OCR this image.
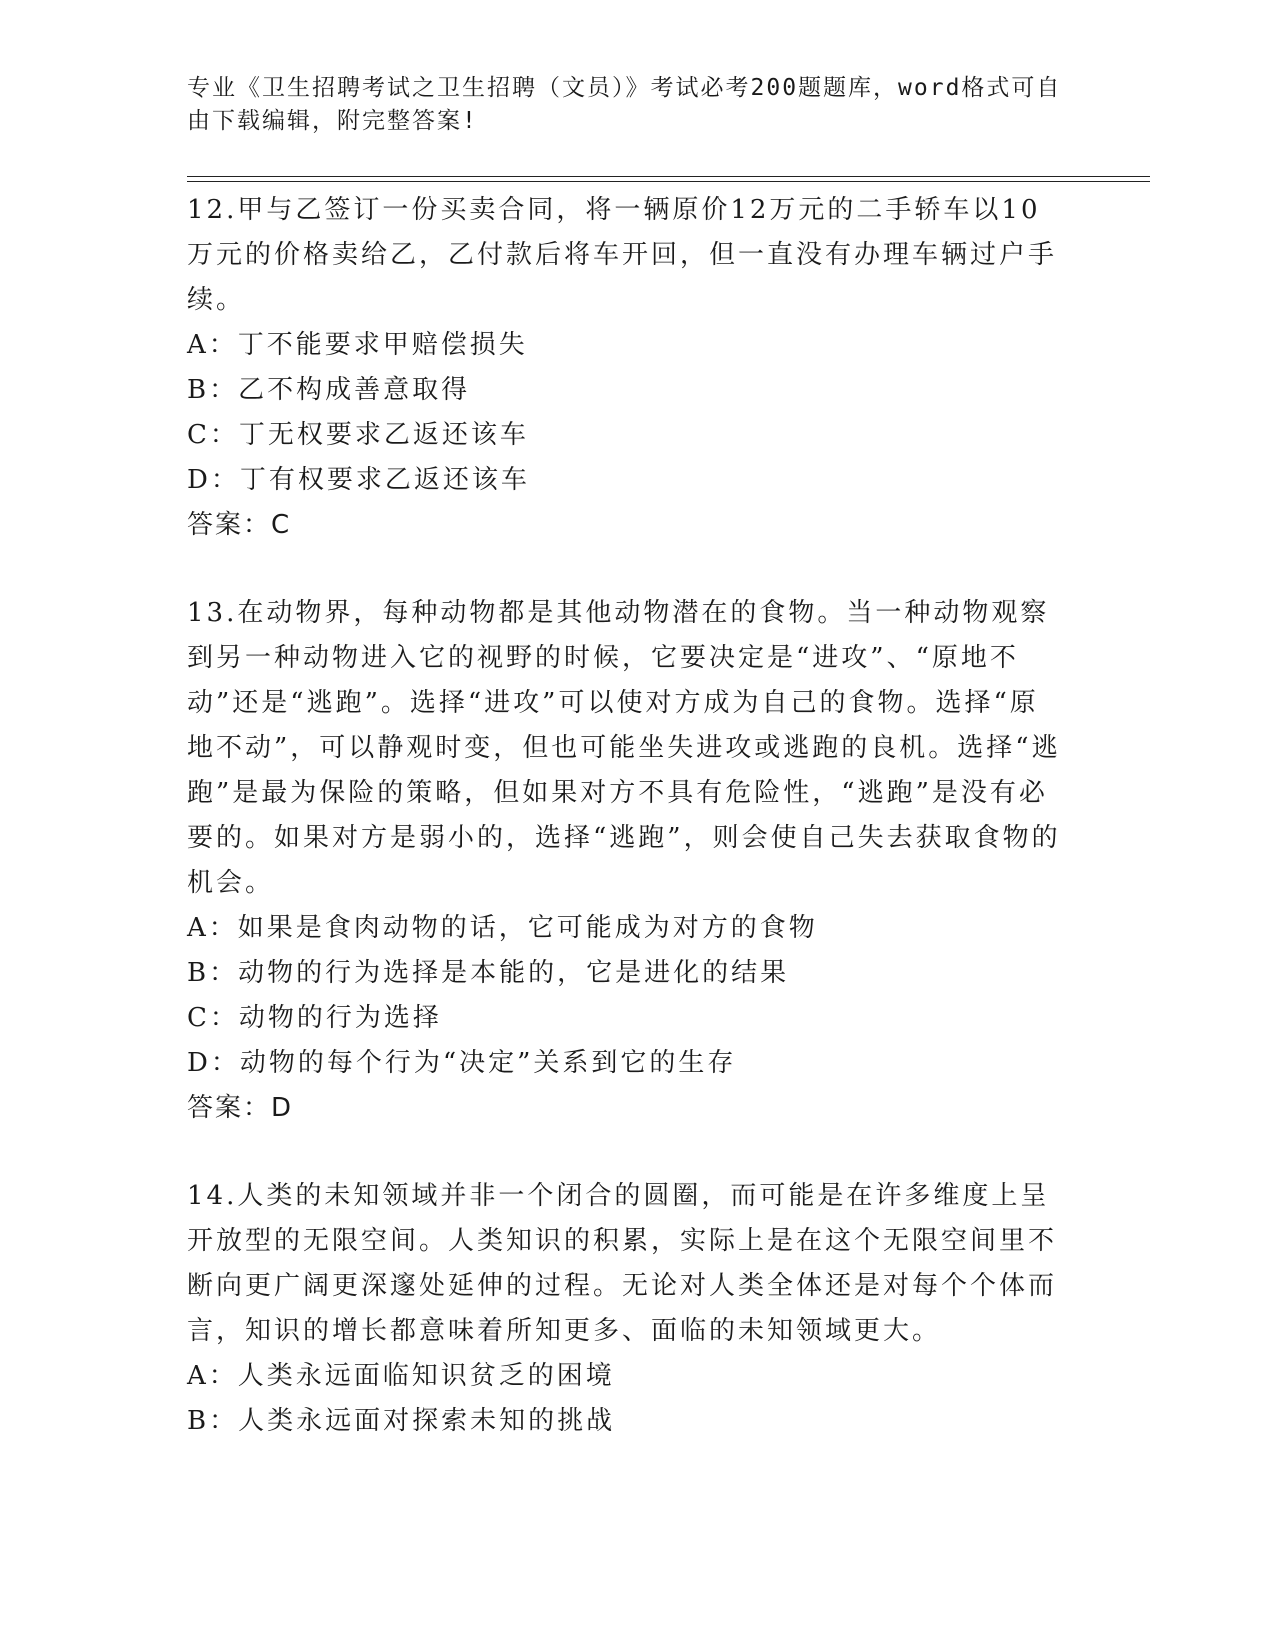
专业《卫生招聘考试之卫生招聘（文员）》考试必考200题题库，word格式可自由下载编辑，附完整答案!

12.甲与乙签订一份买卖合同，将一辆原价12万元的二手轿车以10万元的价格卖给乙，乙付款后将车开回，但一直没有办理车辆过户手续。

A：丁不能要求甲赔偿损失

B：乙不构成善意取得

C：丁无权要求乙返还该车

D：丁有权要求乙返还该车

答案：C

13.在动物界，每种动物都是其他动物潜在的食物。当一种动物观察到另一种动物进入它的视野的时候，它要决定是“进攻”、“原地不动”还是“逃跑”。选择“进攻”可以使对方成为自己的食物。选择“原地不动”，可以静观时变，但也可能坐失进攻或逃跑的良机。选择“逃跑”是最为保险的策略，但如果对方不具有危险性，“逃跑”是没有必要的。如果对方是弱小的，选择“逃跑”，则会使自己失去获取食物的机会。

A：如果是食肉动物的话，它可能成为对方的食物

B：动物的行为选择是本能的，它是进化的结果

C：动物的行为选择

D：动物的每个行为“决定”关系到它的生存

答案：D

14.人类的未知领域并非一个闭合的圆圈，而可能是在许多维度上呈开放型的无限空间。人类知识的积累，实际上是在这个无限空间里不断向更广阔更深邃处延伸的过程。无论对人类全体还是对每个个体而言，知识的增长都意味着所知更多、面临的未知领域更大。

A：人类永远面临知识贫乏的困境

B：人类永远面对探索未知的挑战
